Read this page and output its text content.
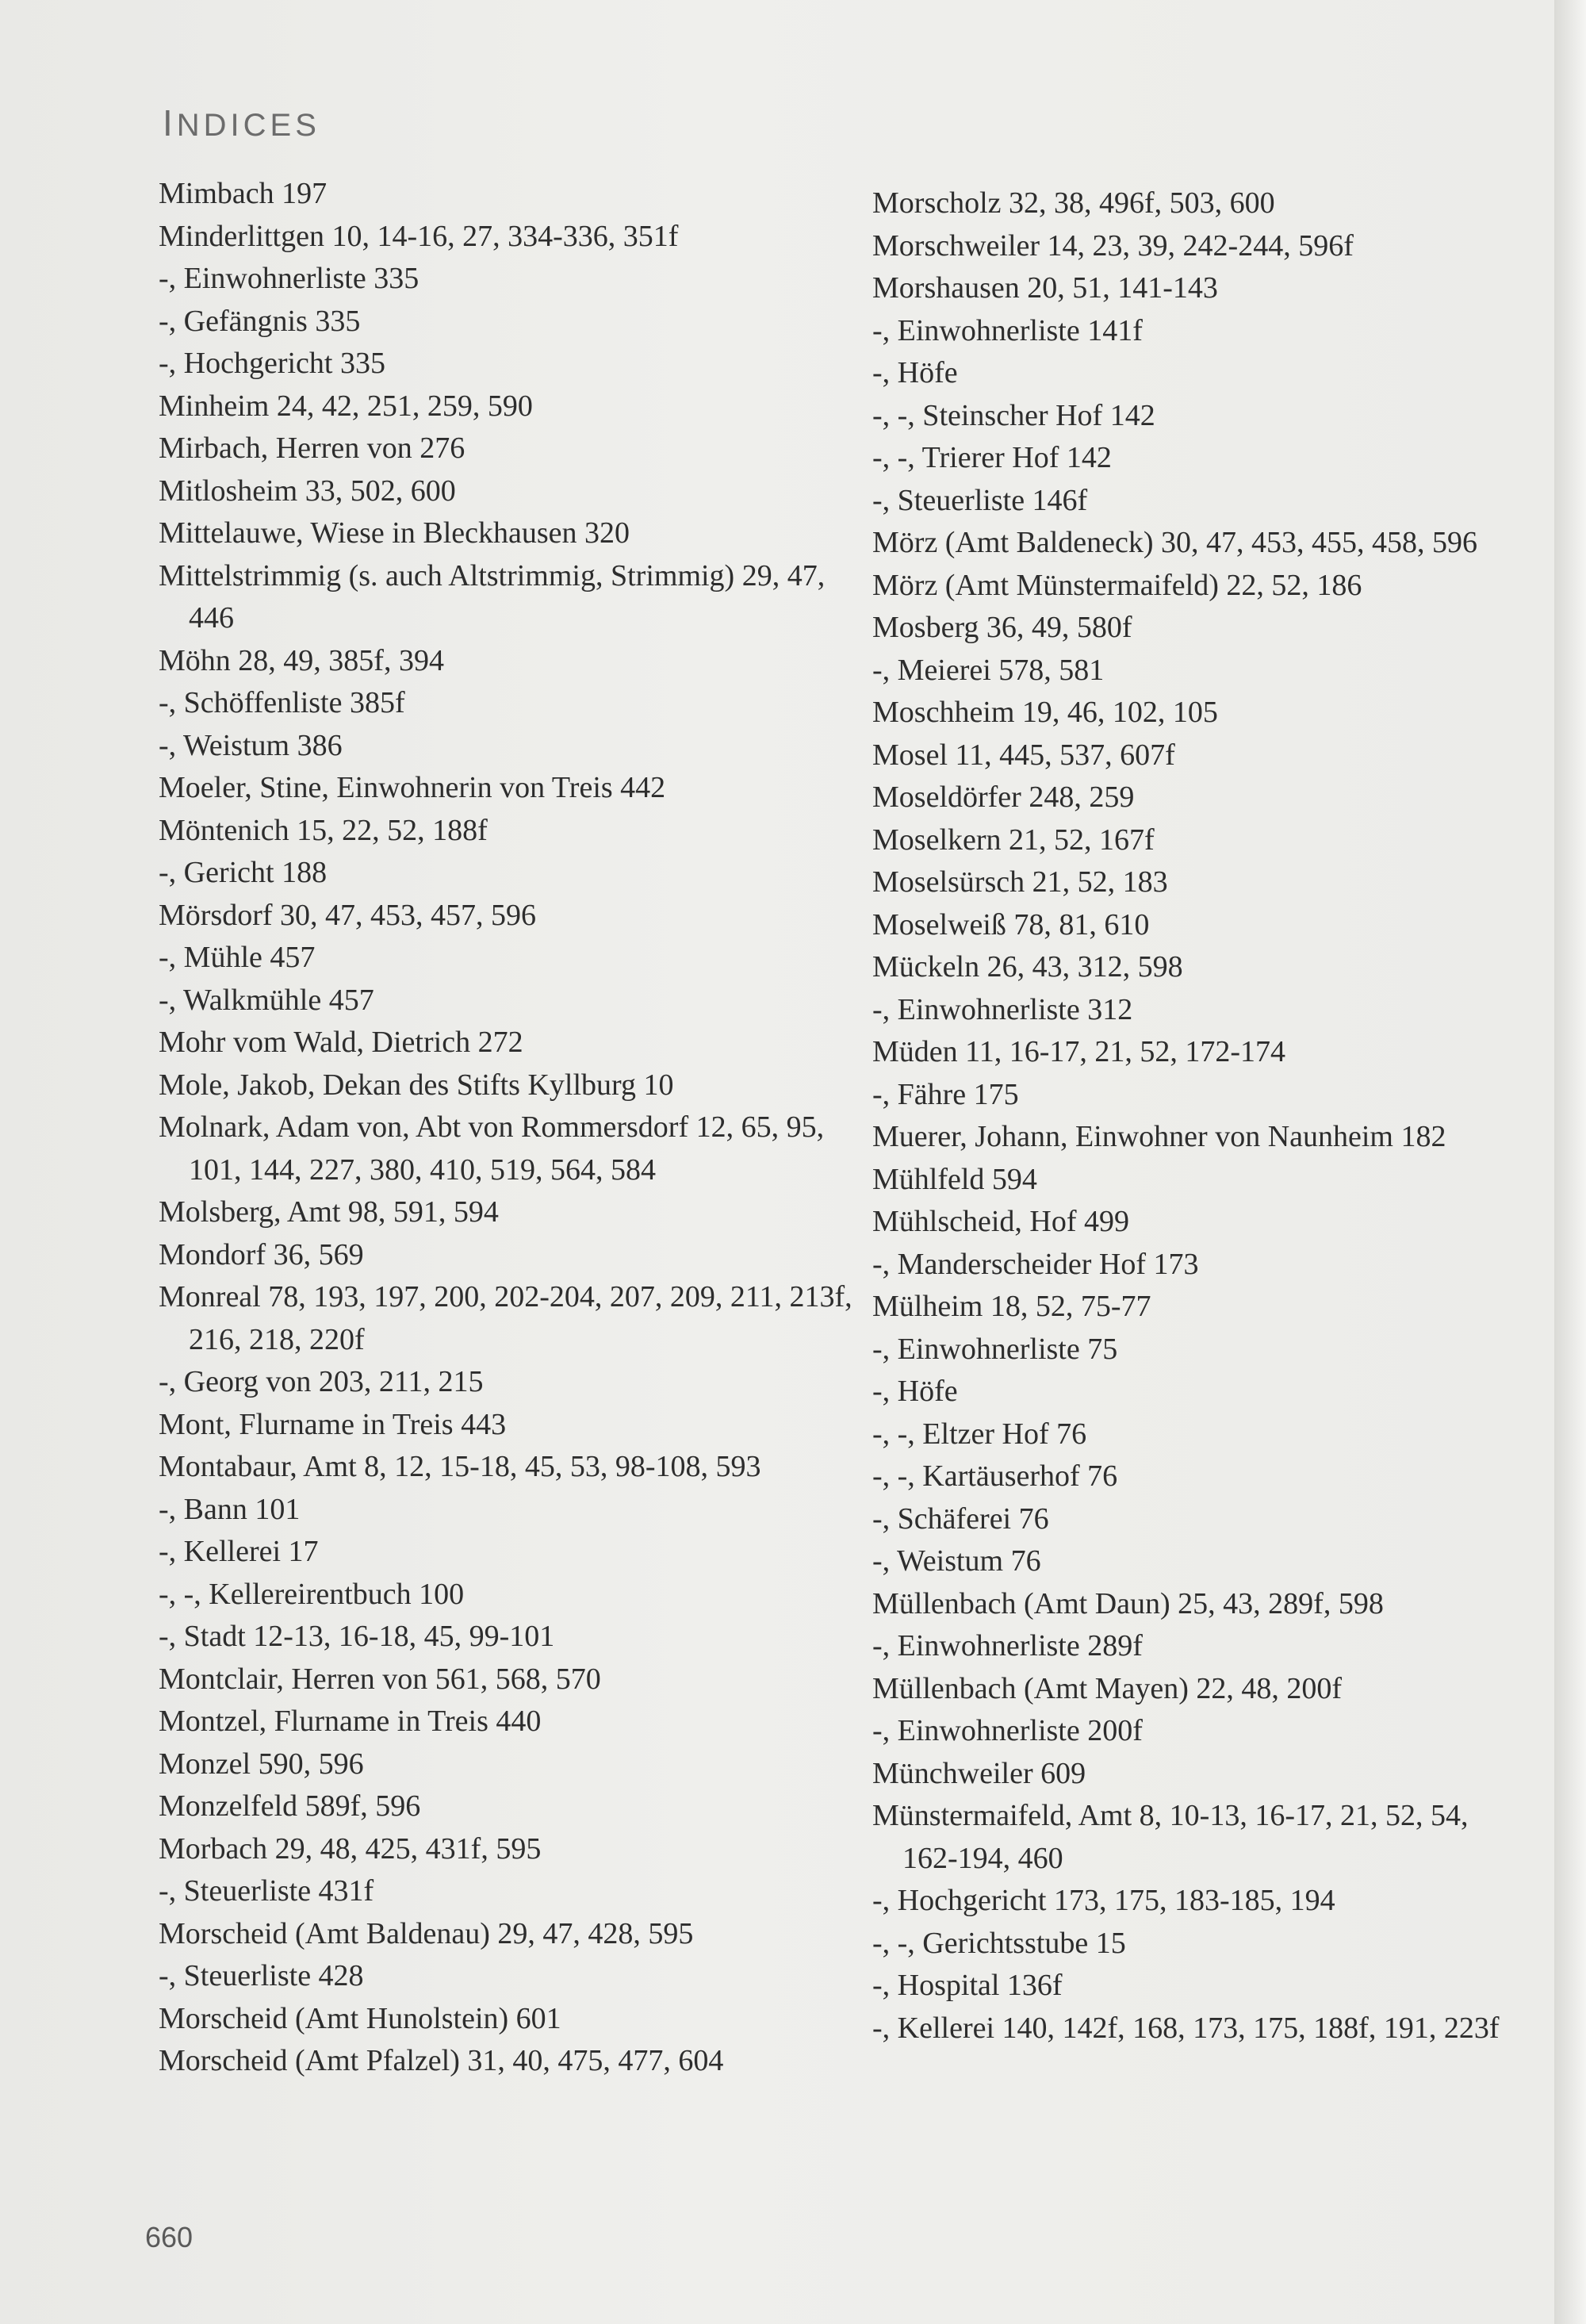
INDICES
Mimbach 197
Minderlittgen 10, 14-16, 27, 334-336, 351f
-, Einwohnerliste 335
-, Gefängnis 335
-, Hochgericht 335
Minheim 24, 42, 251, 259, 590
Mirbach, Herren von 276
Mitlosheim 33, 502, 600
Mittelauwe, Wiese in Bleckhausen 320
Mittelstrimmig (s. auch Altstrimmig, Strimmig) 29, 47, 446
Möhn 28, 49, 385f, 394
-, Schöffenliste 385f
-, Weistum 386
Moeler, Stine, Einwohnerin von Treis 442
Möntenich 15, 22, 52, 188f
-, Gericht 188
Mörsdorf 30, 47, 453, 457, 596
-, Mühle 457
-, Walkmühle 457
Mohr vom Wald, Dietrich 272
Mole, Jakob, Dekan des Stifts Kyllburg 10
Molnark, Adam von, Abt von Rommersdorf 12, 65, 95, 101, 144, 227, 380, 410, 519, 564, 584
Molsberg, Amt 98, 591, 594
Mondorf 36, 569
Monreal 78, 193, 197, 200, 202-204, 207, 209, 211, 213f, 216, 218, 220f
-, Georg von 203, 211, 215
Mont, Flurname in Treis 443
Montabaur, Amt 8, 12, 15-18, 45, 53, 98-108, 593
-, Bann 101
-, Kellerei 17
-, -, Kellereirentbuch 100
-, Stadt 12-13, 16-18, 45, 99-101
Montclair, Herren von 561, 568, 570
Montzel, Flurname in Treis 440
Monzel 590, 596
Monzelfeld 589f, 596
Morbach 29, 48, 425, 431f, 595
-, Steuerliste 431f
Morscheid (Amt Baldenau) 29, 47, 428, 595
-, Steuerliste 428
Morscheid (Amt Hunolstein) 601
Morscheid (Amt Pfalzel) 31, 40, 475, 477, 604
Morscholz 32, 38, 496f, 503, 600
Morschweiler 14, 23, 39, 242-244, 596f
Morshausen 20, 51, 141-143
-, Einwohnerliste 141f
-, Höfe
-, -, Steinscher Hof 142
-, -, Trierer Hof 142
-, Steuerliste 146f
Mörz (Amt Baldeneck) 30, 47, 453, 455, 458, 596
Mörz (Amt Münstermaifeld) 22, 52, 186
Mosberg 36, 49, 580f
-, Meierei 578, 581
Moschheim 19, 46, 102, 105
Mosel 11, 445, 537, 607f
Moseldörfer 248, 259
Moselkern 21, 52, 167f
Moselsürsch 21, 52, 183
Moselweiß 78, 81, 610
Mückeln 26, 43, 312, 598
-, Einwohnerliste 312
Müden 11, 16-17, 21, 52, 172-174
-, Fähre 175
Muerer, Johann, Einwohner von Naunheim 182
Mühlfeld 594
Mühlscheid, Hof 499
-, Manderscheider Hof 173
Mülheim 18, 52, 75-77
-, Einwohnerliste 75
-, Höfe
-, -, Eltzer Hof 76
-, -, Kartäuserhof 76
-, Schäferei 76
-, Weistum 76
Müllenbach (Amt Daun) 25, 43, 289f, 598
-, Einwohnerliste 289f
Müllenbach (Amt Mayen) 22, 48, 200f
-, Einwohnerliste 200f
Münchweiler 609
Münstermaifeld, Amt 8, 10-13, 16-17, 21, 52, 54, 162-194, 460
-, Hochgericht 173, 175, 183-185, 194
-, -, Gerichtsstube 15
-, Hospital 136f
-, Kellerei 140, 142f, 168, 173, 175, 188f, 191, 223f
660
